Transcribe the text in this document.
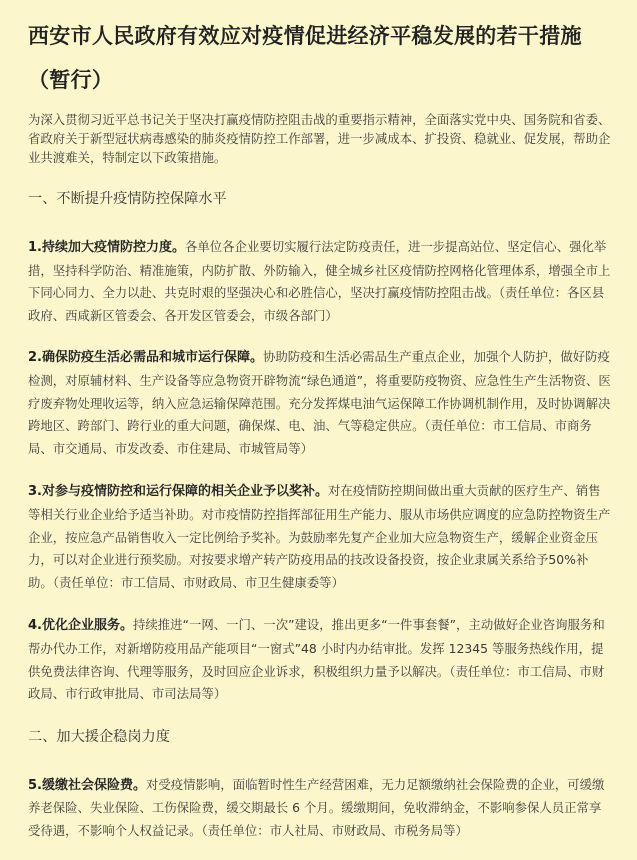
西安市人民政府有效应对疫情促进经济平稳发展的若干措施（暂行）

为深入贯彻习近平总书记关于坚决打赢疫情防控阻击战的重要指示精神，全面落实党中央、国务院和省委、省政府关于新型冠状病毒感染的肺炎疫情防控工作部署，进一步减成本、扩投资、稳就业、促发展，帮助企业共渡难关，特制定以下政策措施。

一、不断提升疫情防控保障水平

1.持续加大疫情防控力度。各单位各企业要切实履行法定防疫责任，进一步提高站位、坚定信心、强化举措，坚持科学防治、精准施策，内防扩散、外防输入，健全城乡社区疫情防控网格化管理体系，增强全市上下同心同力、全力以赴、共克时艰的坚强决心和必胜信心，坚决打赢疫情防控阻击战。（责任单位：各区县政府、西咸新区管委会、各开发区管委会，市级各部门）

2.确保防疫生活必需品和城市运行保障。协助防疫和生活必需品生产重点企业，加强个人防护，做好防疫检测，对原辅材料、生产设备等应急物资开辟物流“绿色通道”，将重要防疫物资、应急性生产生活物资、医疗废弃物处理收运等，纳入应急运输保障范围。充分发挥煤电油气运保障工作协调机制作用，及时协调解决跨地区、跨部门、跨行业的重大问题，确保煤、电、油、气等稳定供应。（责任单位：市工信局、市商务局、市交通局、市发改委、市住建局、市城管局等）

3.对参与疫情防控和运行保障的相关企业予以奖补。对在疫情防控期间做出重大贡献的医疗生产、销售等相关行业企业给予适当补助。对市疫情防控指挥部征用生产能力、服从市场供应调度的应急防控物资生产企业，按应急产品销售收入一定比例给予奖补。为鼓励率先复产企业加大应急物资生产，缓解企业资金压力，可以对企业进行预奖励。对按要求增产转产防疫用品的技改设备投资，按企业隶属关系给予50%补助。（责任单位：市工信局、市财政局、市卫生健康委等）

4.优化企业服务。持续推进“一网、一门、一次”建设，推出更多“一件事套餐”，主动做好企业咨询服务和帮办代办工作，对新增防疫用品产能项目“一窗式”48 小时内办结审批。发挥 12345 等服务热线作用，提供免费法律咨询、代理等服务，及时回应企业诉求，积极组织力量予以解决。（责任单位：市工信局、市财政局、市行政审批局、市司法局等）

二、加大援企稳岗力度

5.缓缴社会保险费。对受疫情影响，面临暂时性生产经营困难，无力足额缴纳社会保险费的企业，可缓缴养老保险、失业保险、工伤保险费，缓交期最长 6 个月。缓缴期间，免收滞纳金，不影响参保人员正常享受待遇，不影响个人权益记录。（责任单位：市人社局、市财政局、市税务局等）
